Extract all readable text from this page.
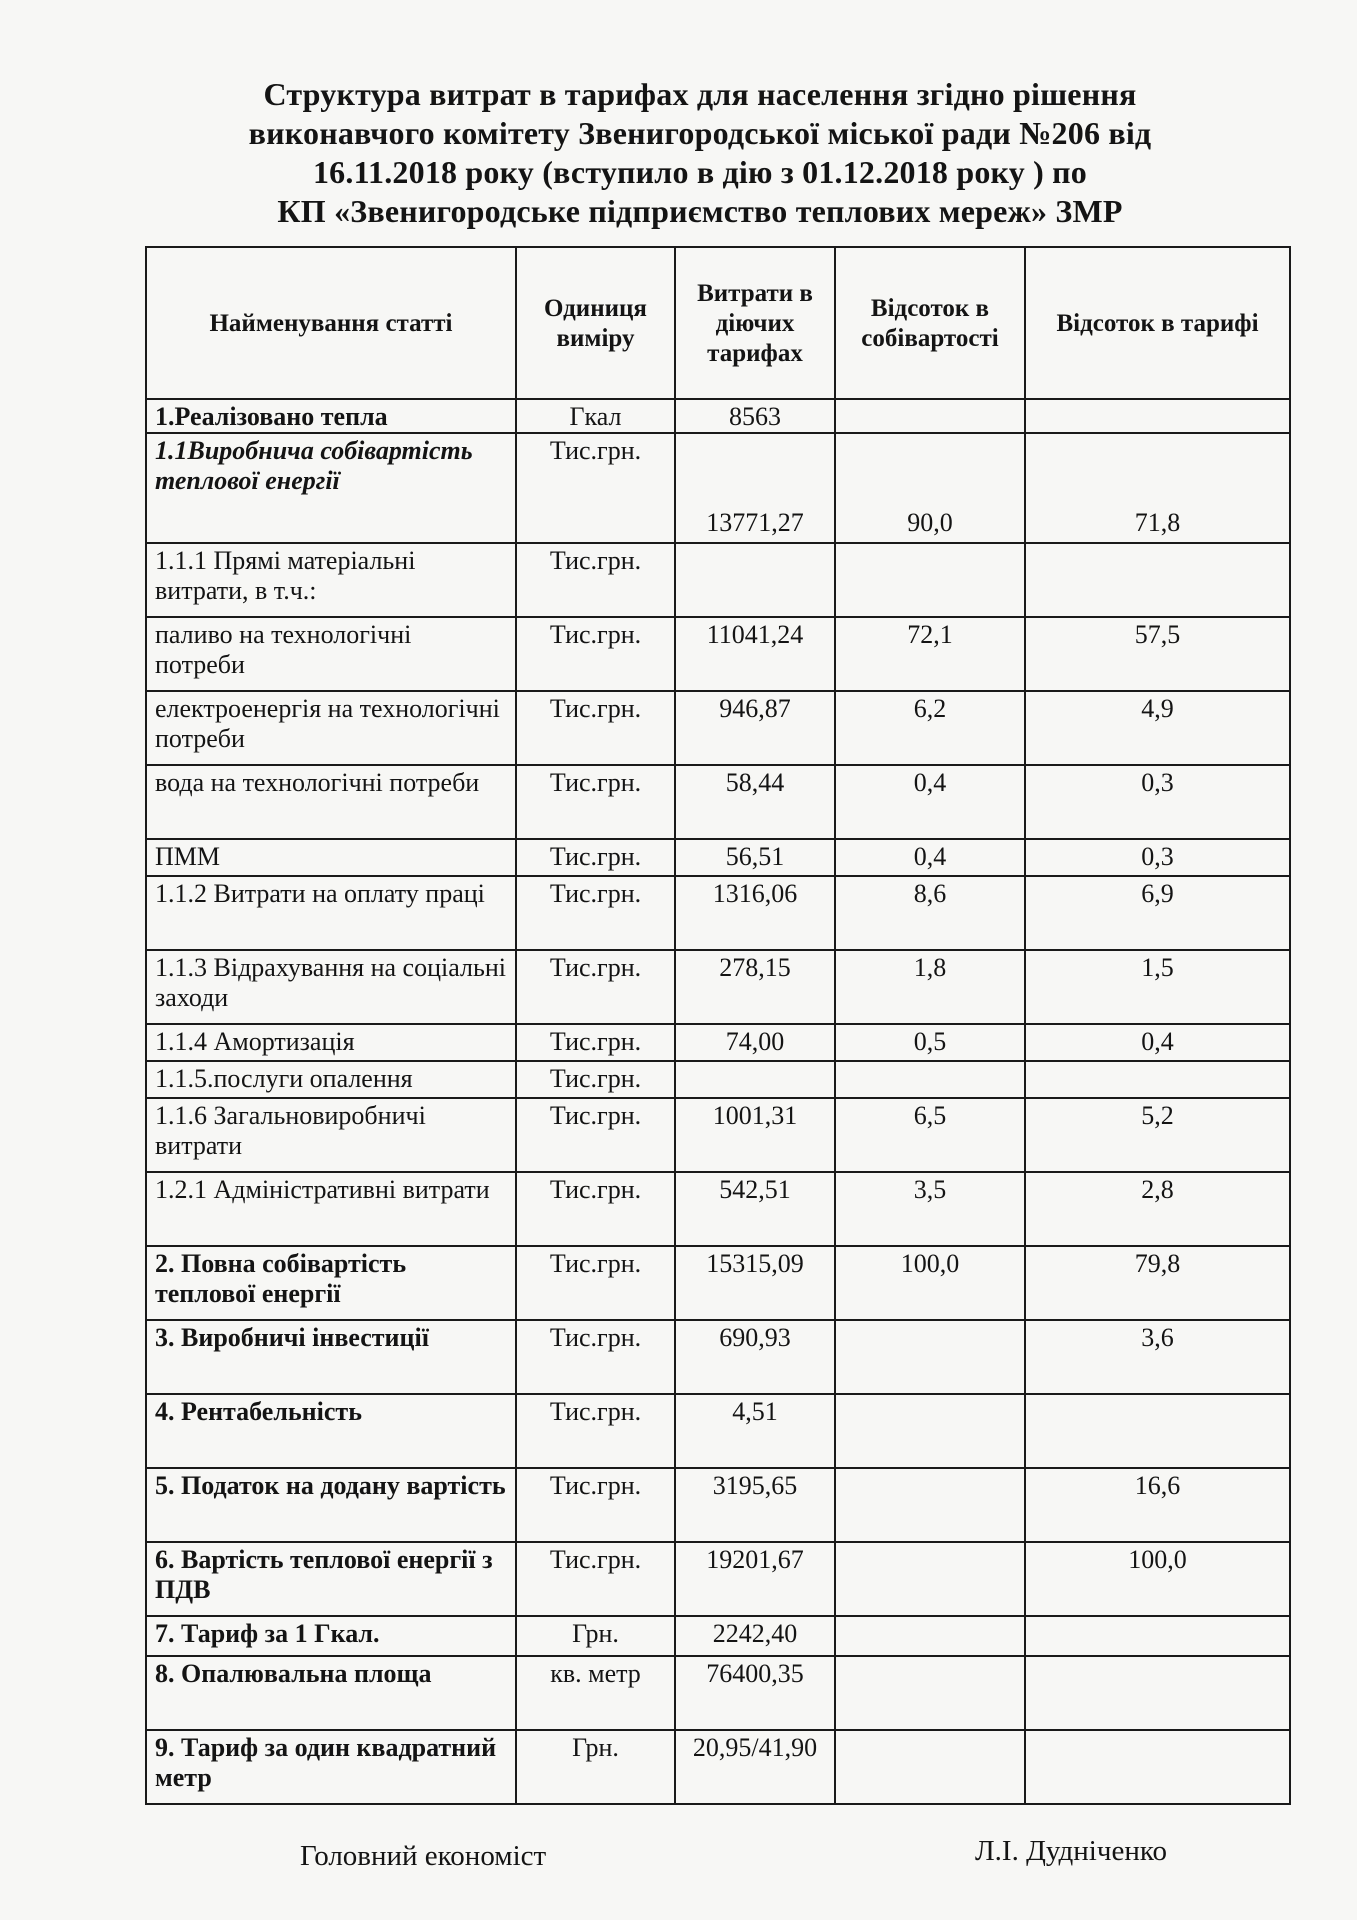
Структура витрат в тарифах для населення згідно рішення
виконавчого комітету Звенигородської міської ради №206 від
16.11.2018 року (вступило в дію з 01.12.2018 року ) по
КП «Звенигородське підприємство теплових мереж» ЗМР
Найменування статті	Одиниця виміру	Витрати в діючих тарифах	Відсоток в собівартості	Відсоток в тарифі
1.Реалізовано тепла	Гкал	8563		
1.1Виробнича собівартість теплової енергії	Тис.грн.	13771,27	90,0	71,8
1.1.1 Прямі матеріальні витрати, в т.ч.:	Тис.грн.			
паливо на технологічні потреби	Тис.грн.	11041,24	72,1	57,5
електроенергія на технологічні потреби	Тис.грн.	946,87	6,2	4,9
вода на технологічні потреби	Тис.грн.	58,44	0,4	0,3
ПММ	Тис.грн.	56,51	0,4	0,3
1.1.2 Витрати на оплату праці	Тис.грн.	1316,06	8,6	6,9
1.1.3 Відрахування на соціальні заходи	Тис.грн.	278,15	1,8	1,5
1.1.4 Амортизація	Тис.грн.	74,00	0,5	0,4
1.1.5.послуги опалення	Тис.грн.			
1.1.6 Загальновиробничі витрати	Тис.грн.	1001,31	6,5	5,2
1.2.1 Адміністративні витрати	Тис.грн.	542,51	3,5	2,8
2. Повна собівартість теплової енергії	Тис.грн.	15315,09	100,0	79,8
3. Виробничі інвестиції	Тис.грн.	690,93		3,6
4. Рентабельність	Тис.грн.	4,51		
5. Податок на додану вартість	Тис.грн.	3195,65		16,6
6. Вартість теплової енергії з ПДВ	Тис.грн.	19201,67		100,0
7. Тариф за 1 Гкал.	Грн.	2242,40		
8. Опалювальна площа	кв. метр	76400,35		
9. Тариф за один квадратний метр	Грн.	20,95/41,90		
Головний економіст	Л.І. Дудніченко
